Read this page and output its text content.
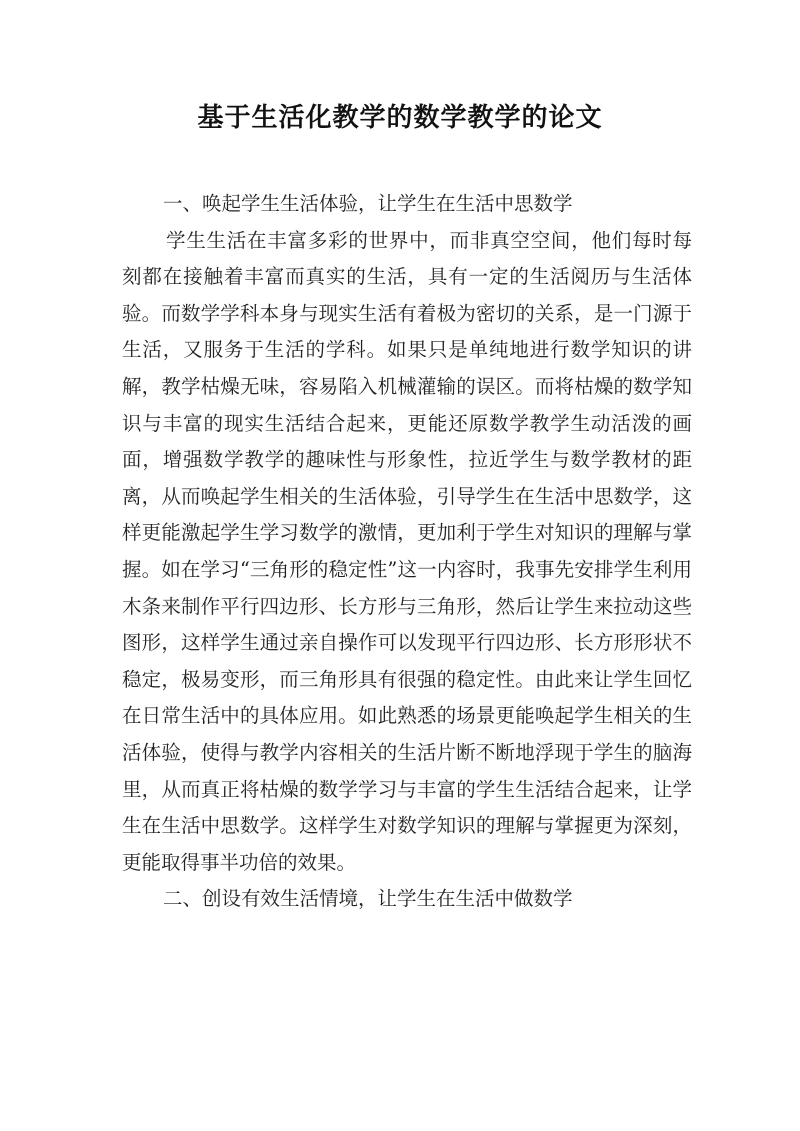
基于生活化教学的数学教学的论文

一、唤起学生生活体验，让学生在生活中思数学

学生生活在丰富多彩的世界中，而非真空空间，他们每时每刻都在接触着丰富而真实的生活，具有一定的生活阅历与生活体验。而数学学科本身与现实生活有着极为密切的关系，是一门源于生活，又服务于生活的学科。如果只是单纯地进行数学知识的讲解，教学枯燥无味，容易陷入机械灌输的误区。而将枯燥的数学知识与丰富的现实生活结合起来，更能还原数学教学生动活泼的画面，增强数学教学的趣味性与形象性，拉近学生与数学教材的距离，从而唤起学生相关的生活体验，引导学生在生活中思数学，这样更能激起学生学习数学的激情，更加利于学生对知识的理解与掌握。如在学习“三角形的稳定性”这一内容时，我事先安排学生利用木条来制作平行四边形、长方形与三角形，然后让学生来拉动这些图形，这样学生通过亲自操作可以发现平行四边形、长方形形状不稳定，极易变形，而三角形具有很强的稳定性。由此来让学生回忆在日常生活中的具体应用。如此熟悉的场景更能唤起学生相关的生活体验，使得与教学内容相关的生活片断不断地浮现于学生的脑海里，从而真正将枯燥的数学学习与丰富的学生生活结合起来，让学生在生活中思数学。这样学生对数学知识的理解与掌握更为深刻，更能取得事半功倍的效果。

二、创设有效生活情境，让学生在生活中做数学
